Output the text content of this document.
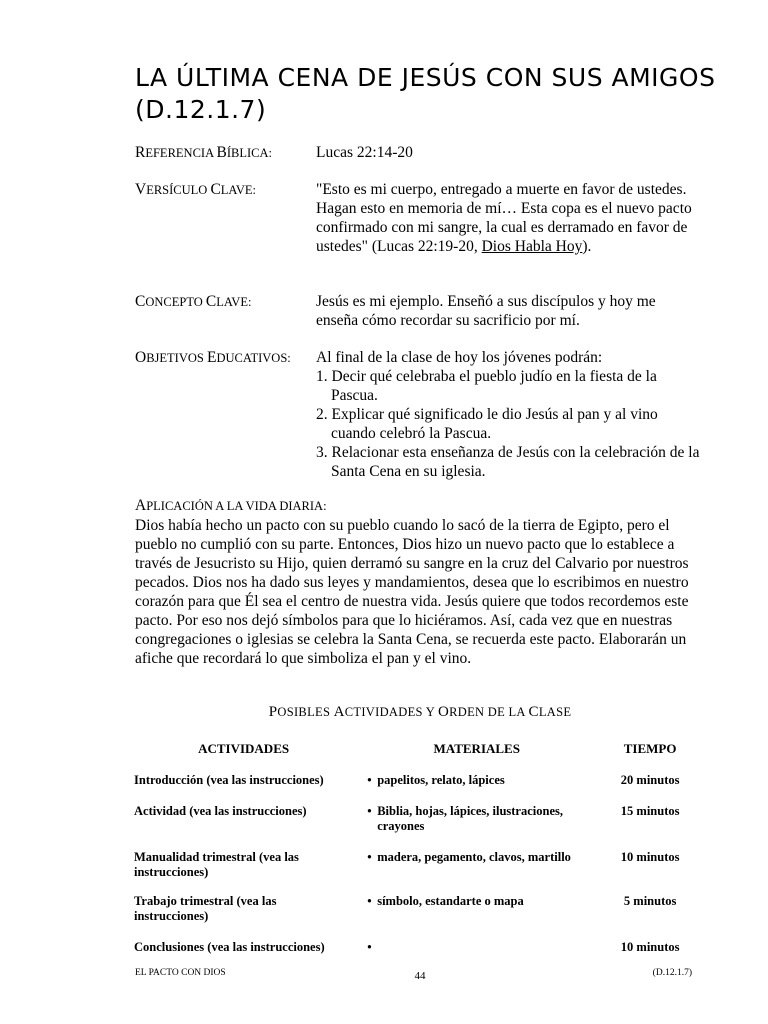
LA ÚLTIMA CENA DE JESÚS CON SUS AMIGOS (D.12.1.7)
REFERENCIA BÍBLICA:	Lucas 22:14-20
VERSÍCULO CLAVE:	"Esto es mi cuerpo, entregado a muerte en favor de ustedes. Hagan esto en memoria de mí… Esta copa es el nuevo pacto confirmado con mi sangre, la cual es derramado en favor de ustedes" (Lucas 22:19-20, Dios Habla Hoy).
CONCEPTO CLAVE:	Jesús es mi ejemplo. Enseñó a sus discípulos y hoy me enseña cómo recordar su sacrificio por mí.
OBJETIVOS EDUCATIVOS: Al final de la clase de hoy los jóvenes podrán:
1. Decir qué celebraba el pueblo judío en la fiesta de la Pascua.
2. Explicar qué significado le dio Jesús al pan y al vino cuando celebró la Pascua.
3. Relacionar esta enseñanza de Jesús con la celebración de la Santa Cena en su iglesia.
APLICACIÓN A LA VIDA DIARIA:
Dios había hecho un pacto con su pueblo cuando lo sacó de la tierra de Egipto, pero el pueblo no cumplió con su parte. Entonces, Dios hizo un nuevo pacto que lo establece a través de Jesucristo su Hijo, quien derramó su sangre en la cruz del Calvario por nuestros pecados. Dios nos ha dado sus leyes y mandamientos, desea que lo escribimos en nuestro corazón para que Él sea el centro de nuestra vida. Jesús quiere que todos recordemos este pacto. Por eso nos dejó símbolos para que lo hiciéramos. Así, cada vez que en nuestras congregaciones o iglesias se celebra la Santa Cena, se recuerda este pacto. Elaborarán un afiche que recordará lo que simboliza el pan y el vino.
POSIBLES ACTIVIDADES Y ORDEN DE LA CLASE
ACTIVIDADES	MATERIALES	TIEMPO
Introducción (vea las instrucciones)	• papelitos, relato, lápices	20 minutos
Actividad (vea las instrucciones)	• Biblia, hojas, lápices, ilustraciones, crayones	15 minutos
Manualidad trimestral (vea las instrucciones)	• madera, pegamento, clavos, martillo	10 minutos
Trabajo trimestral (vea las instrucciones)	• símbolo, estandarte o mapa	5 minutos
Conclusiones (vea las instrucciones)	•	10 minutos
EL PACTO CON DIOS	44	(D.12.1.7)
